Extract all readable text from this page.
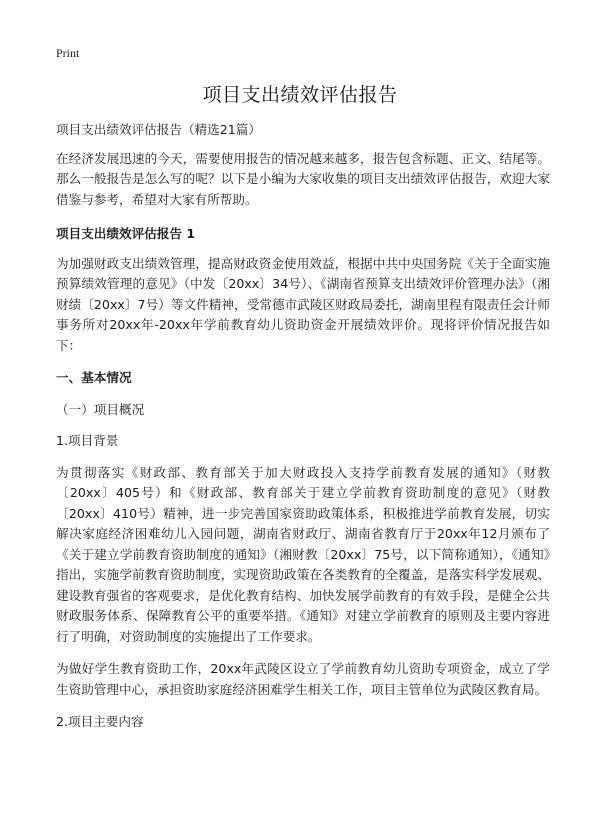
Print
项目支出绩效评估报告

项目支出绩效评估报告（精选21篇）

在经济发展迅速的今天，需要使用报告的情况越来越多，报告包含标题、正文、结尾等。那么一般报告是怎么写的呢？以下是小编为大家收集的项目支出绩效评估报告，欢迎大家借鉴与参考，希望对大家有所帮助。

项目支出绩效评估报告 1

为加强财政支出绩效管理，提高财政资金使用效益，根据中共中央国务院《关于全面实施预算绩效管理的意见》（中发〔20xx〕34号）、《湖南省预算支出绩效评价管理办法》（湘财绩〔20xx〕7号）等文件精神，受常德市武陵区财政局委托，湖南里程有限责任会计师事务所对20xx年-20xx年学前教育幼儿资助资金开展绩效评价。现将评价情况报告如下：

一、基本情况

（一）项目概况

1.项目背景

为贯彻落实《财政部、教育部关于加大财政投入支持学前教育发展的通知》（财教〔20xx〕405号）和《财政部、教育部关于建立学前教育资助制度的意见》（财教〔20xx〕410号）精神，进一步完善国家资助政策体系，积极推进学前教育发展，切实解决家庭经济困难幼儿入园问题，湖南省财政厅、湖南省教育厅于20xx年12月颁布了《关于建立学前教育资助制度的通知》（湘财教〔20xx〕75号，以下简称通知），《通知》指出，实施学前教育资助制度，实现资助政策在各类教育的全覆盖，是落实科学发展观、建设教育强省的客观要求，是优化教育结构、加快发展学前教育的有效手段，是健全公共财政服务体系、保障教育公平的重要举措。《通知》对建立学前教育的原则及主要内容进行了明确，对资助制度的实施提出了工作要求。

为做好学生教育资助工作，20xx年武陵区设立了学前教育幼儿资助专项资金，成立了学生资助管理中心，承担资助家庭经济困难学生相关工作，项目主管单位为武陵区教育局。

2.项目主要内容
